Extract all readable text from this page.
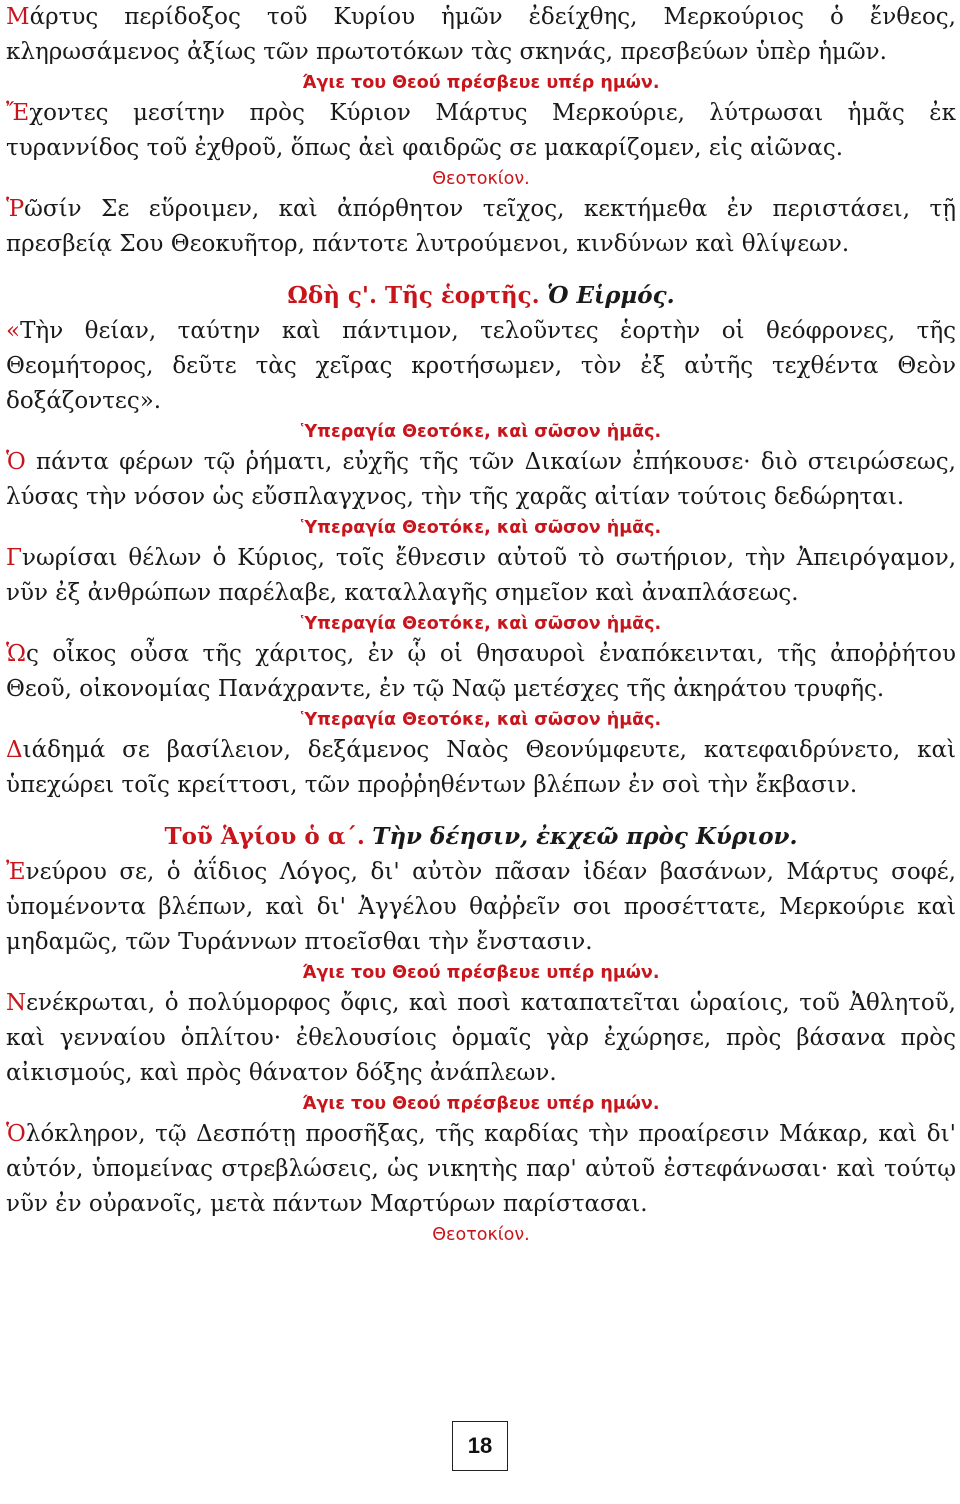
Μάρτυς περίδοξος τοῦ Κυρίου ἡμῶν ἐδείχθης, Μερκούριος ὁ ἔνθεος, κληρωσάμενος ἀξίως τῶν πρωτοτόκων τὰς σκηνάς, πρεσβεύων ὑπὲρ ἡμῶν.

Άγιε του Θεού πρέσβευε υπέρ ημών.

Ἔχοντες μεσίτην πρὸς Κύριον Μάρτυς Μερκούριε, λύτρωσαι ἡμᾶς ἐκ τυραννίδος τοῦ ἐχθροῦ, ὅπως ἀεὶ φαιδρῶς σε μακαρίζομεν, εἰς αἰῶνας.

Θεοτοκίον.

Ῥῶσίν Σε εὕροιμεν, καὶ ἀπόρθητον τεῖχος, κεκτήμεθα ἐν περιστάσει, τῇ πρεσβείᾳ Σου Θεοκυῆτορ, πάντοτε λυτρούμενοι, κινδύνων καὶ θλίψεων.

Ωδὴ ς'. Τῆς ἑορτῆς. Ὁ Εἱρμός.

«Τὴν θείαν, ταύτην καὶ πάντιμον, τελοῦντες ἑορτὴν οἱ θεόφρονες, τῆς Θεομήτορος, δεῦτε τὰς χεῖρας κροτήσωμεν, τὸν ἐξ αὐτῆς τεχθέντα Θεὸν δοξάζοντες».

Ὑπεραγία Θεοτόκε, καὶ σῶσον ἡμᾶς.

Ὁ πάντα φέρων τῷ ῥήματι, εὐχῆς τῆς τῶν Δικαίων ἐπήκουσε· διὸ στειρώσεως, λύσας τὴν νόσον ὡς εὔσπλαγχνος, τὴν τῆς χαρᾶς αἰτίαν τούτοις δεδώρηται.

Ὑπεραγία Θεοτόκε, καὶ σῶσον ἡμᾶς.

Γνωρίσαι θέλων ὁ Κύριος, τοῖς ἔθνεσιν αὐτοῦ τὸ σωτήριον, τὴν Ἀπειρόγαμον, νῦν ἐξ ἀνθρώπων παρέλαβε, καταλλαγῆς σημεῖον καὶ ἀναπλάσεως.

Ὑπεραγία Θεοτόκε, καὶ σῶσον ἡμᾶς.

Ὡς οἶκος οὖσα τῆς χάριτος, ἐν ᾧ οἱ θησαυροὶ ἐναπόκεινται, τῆς ἀποῤῥήτου Θεοῦ, οἰκονομίας Πανάχραντε, ἐν τῷ Ναῷ μετέσχες τῆς ἀκηράτου τρυφῆς.

Ὑπεραγία Θεοτόκε, καὶ σῶσον ἡμᾶς.

Διάδημά σε βασίλειον, δεξάμενος Ναὸς Θεονύμφευτε, κατεφαιδρύνετο, καὶ ὑπεχώρει τοῖς κρείττοσι, τῶν προῤῥηθέντων βλέπων ἐν σοὶ τὴν ἔκβασιν.

Τοῦ Ἁγίου ὁ α΄. Τὴν δέησιν, ἐκχεῶ πρὸς Κύριον.

Ἐνεύρου σε, ὁ ἀΐδιος Λόγος, δι' αὐτὸν πᾶσαν ἰδέαν βασάνων, Μάρτυς σοφέ, ὑπομένοντα βλέπων, καὶ δι' Ἀγγέλου θαῤῥεῖν σοι προσέττατε, Μερκούριε καὶ μηδαμῶς, τῶν Τυράννων πτοεῖσθαι τὴν ἔνστασιν.

Άγιε του Θεού πρέσβευε υπέρ ημών.

Νενέκρωται, ὁ πολύμορφος ὄφις, καὶ ποσὶ καταπατεῖται ὡραίοις, τοῦ Ἀθλητοῦ, καὶ γενναίου ὁπλίτου· ἐθελουσίοις ὁρμαῖς γὰρ ἐχώρησε, πρὸς βάσανα πρὸς αἰκισμούς, καὶ πρὸς θάνατον δόξης ἀνάπλεων.

Άγιε του Θεού πρέσβευε υπέρ ημών.

Ὁλόκληρον, τῷ Δεσπότῃ προσῆξας, τῆς καρδίας τὴν προαίρεσιν Μάκαρ, καὶ δι' αὐτόν, ὑπομείνας στρεβλώσεις, ὡς νικητὴς παρ' αὐτοῦ ἐστεφάνωσαι· καὶ τούτῳ νῦν ἐν οὐρανοῖς, μετὰ πάντων Μαρτύρων παρίστασαι.

Θεοτοκίον.

18
